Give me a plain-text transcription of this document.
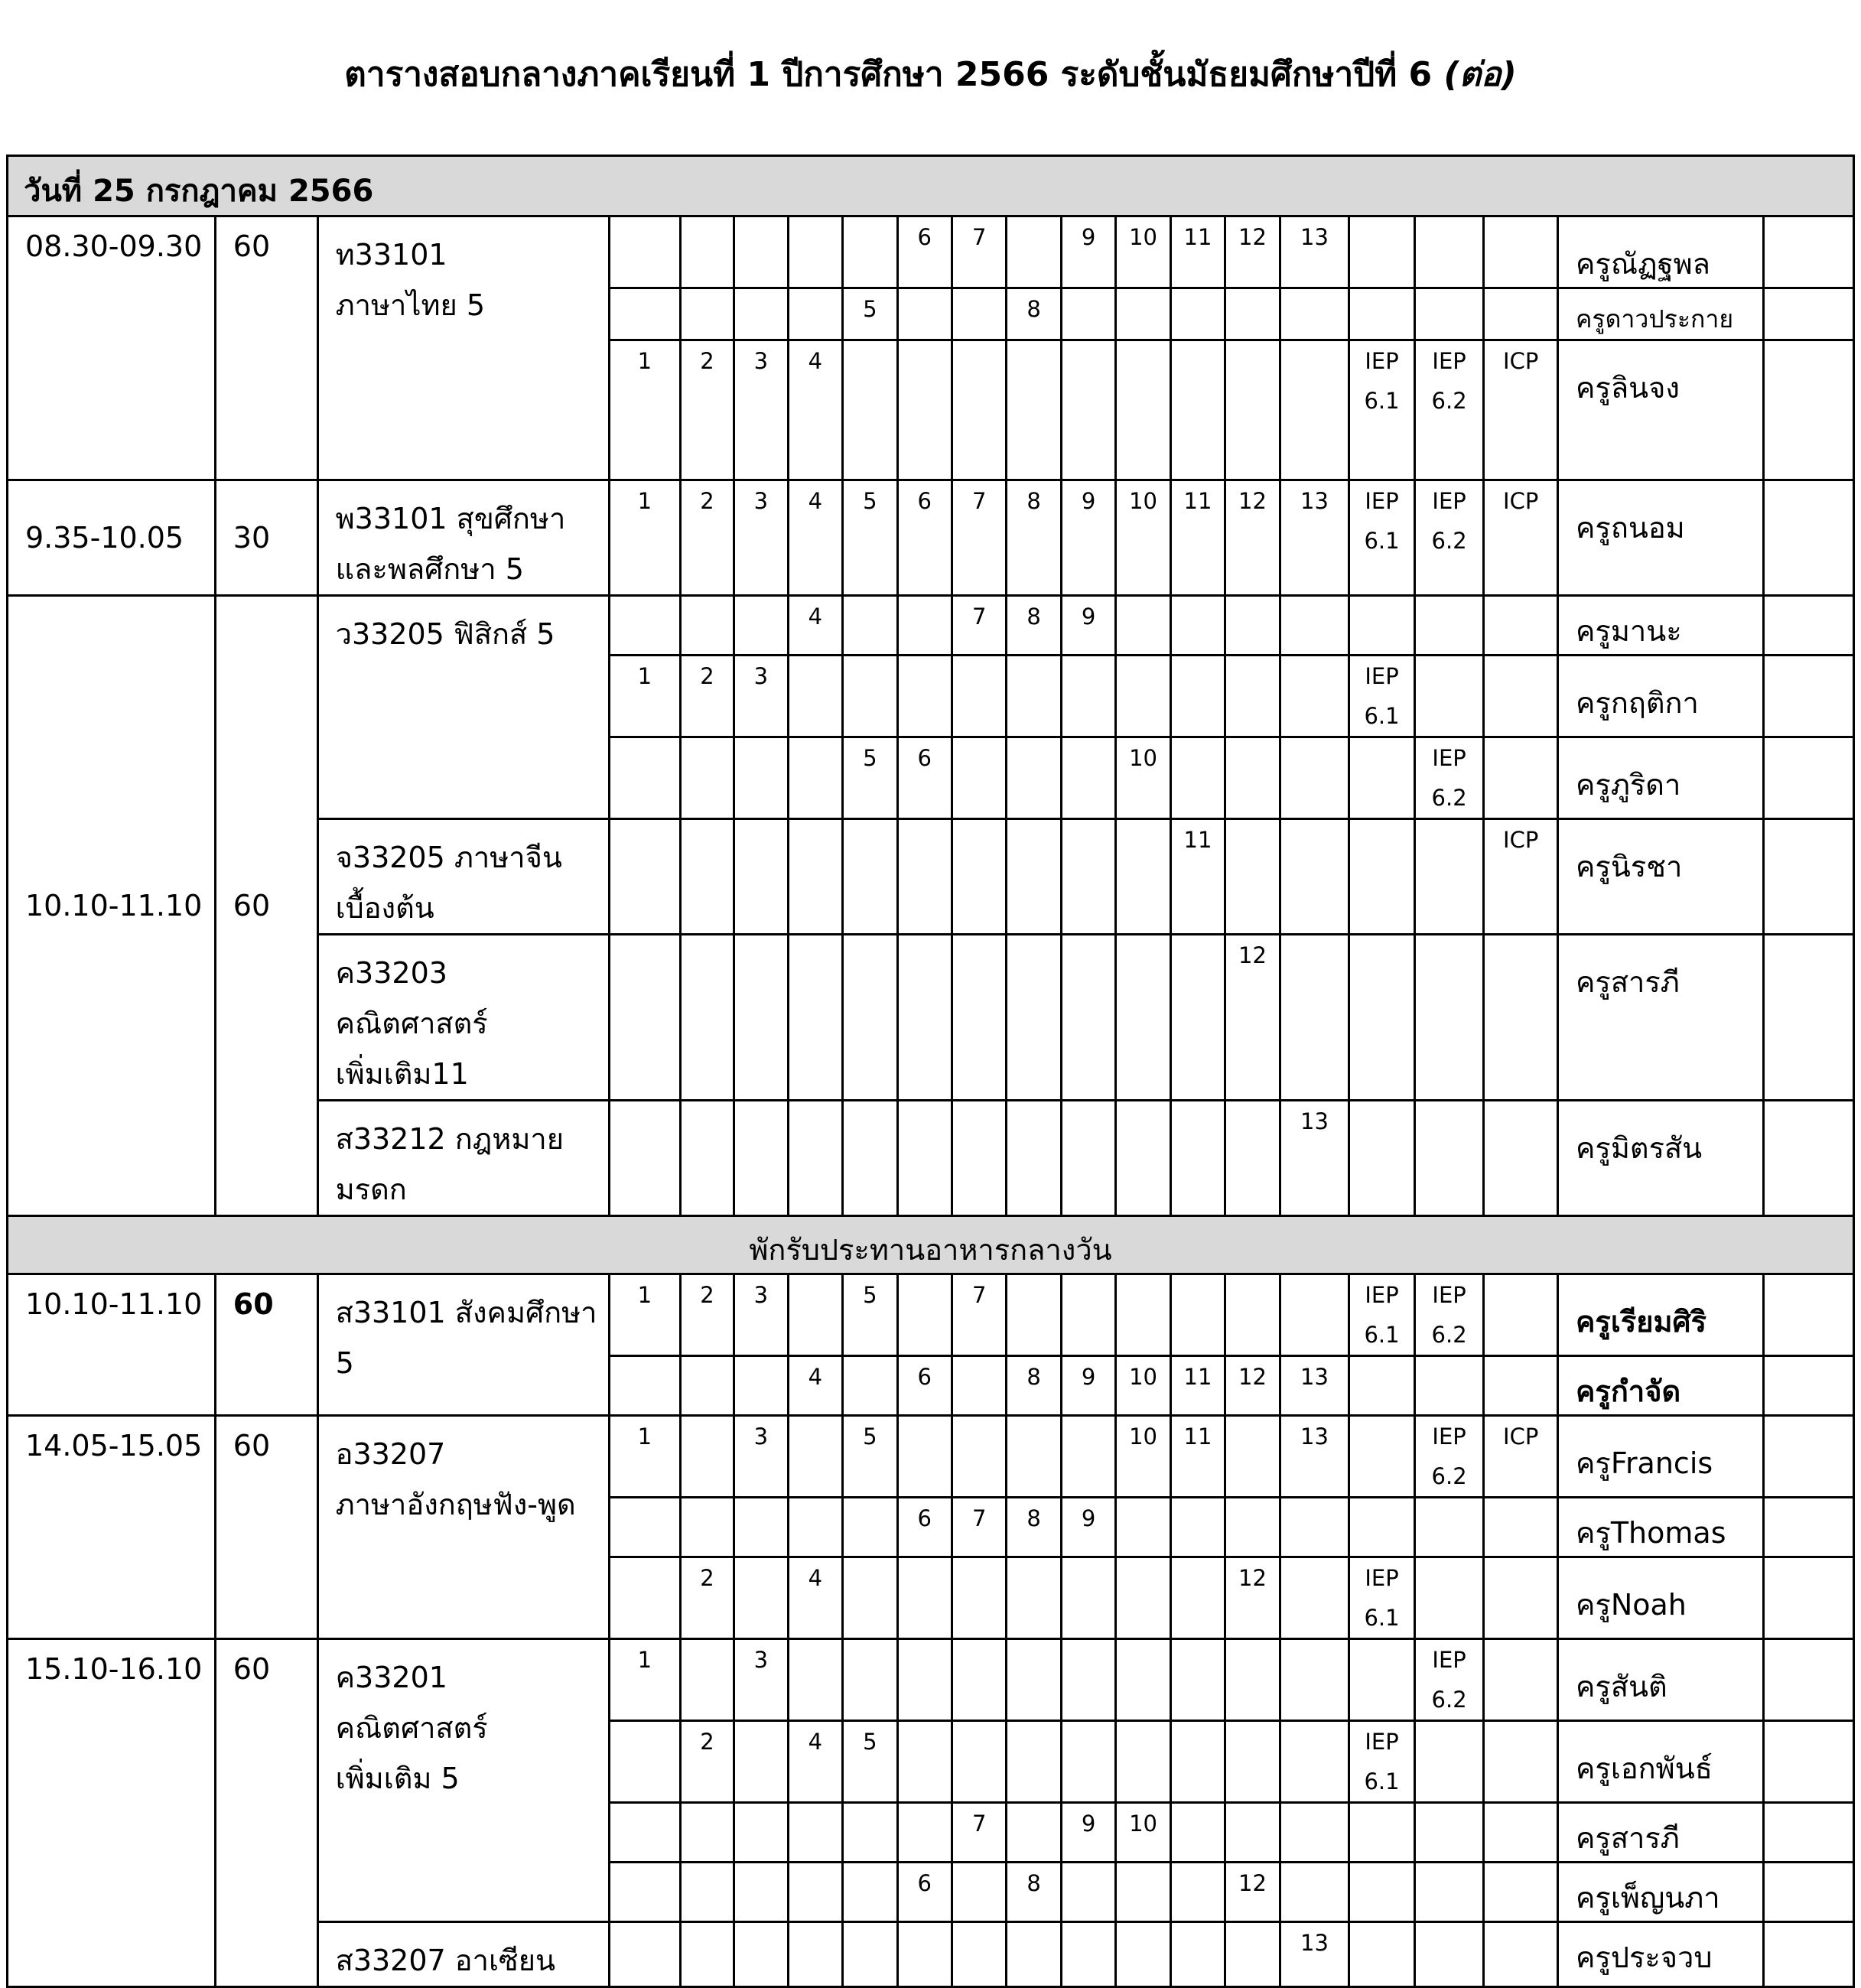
ตารางสอบกลางภาคเรียนที่ 1 ปีการศึกษา 2566 ระดับชั้นมัธยมศึกษาปีที่ 6 (ต่อ)
วันที่ 25 กรกฎาคม 2566																				

08.30-09.30	60	ท33101
ภาษาไทย 5						6	7		9	10	11	12	13				ครูณัฏฐพล	

							5			8									ครูดาวประกาย	

			1	2	3	4										IEP 6.1	IEP 6.2	ICP	ครูลินจง	

9.35-10.05	30	พ33101 สุขศึกษา
และพลศึกษา 5	1	2	3	4	5	6	7	8	9	10	11	12	13	IEP 6.1	IEP 6.2	ICP	ครูถนอม	

10.10-11.10	60	ว33205 ฟิสิกส์ 5				4			7	8	9								ครูมานะ	

			1	2	3											IEP 6.1			ครูกฤติกา	

							5	6				10					IEP 6.2		ครูภูริดา	

		จ33205 ภาษาจีน
เบื้องต้น											11					ICP	ครูนิรชา	

		ค33203 คณิตศาสตร์
เพิ่มเติม11												12					ครูสารภี	

		ส33212 กฎหมาย
มรดก													13				ครูมิตรสัน	

พักรับประทานอาหารกลางวัน																				

10.10-11.10	60	ส33101 สังคมศึกษา
5	1	2	3		5		7							IEP 6.1	IEP 6.2		ครูเรียมศิริ	

						4		6		8	9	10	11	12	13				ครูกำจัด	

14.05-15.05	60	อ33207
ภาษาอังกฤษฟัง-พูด	1		3		5					10	11		13		IEP 6.2	ICP	ครูFrancis	

								6	7	8	9								ครูThomas	

				2		4								12		IEP 6.1			ครูNoah	

15.10-16.10	60	ค33201 คณิตศาสตร์
เพิ่มเติม 5	1		3												IEP 6.2		ครูสันติ	

				2		4	5									IEP 6.1			ครูเอกพันธ์	

									7		9	10							ครูสารภี	

								6		8				12					ครูเพ็ญนภา	

		ส33207 อาเซียน													13				ครูประจวบ	
